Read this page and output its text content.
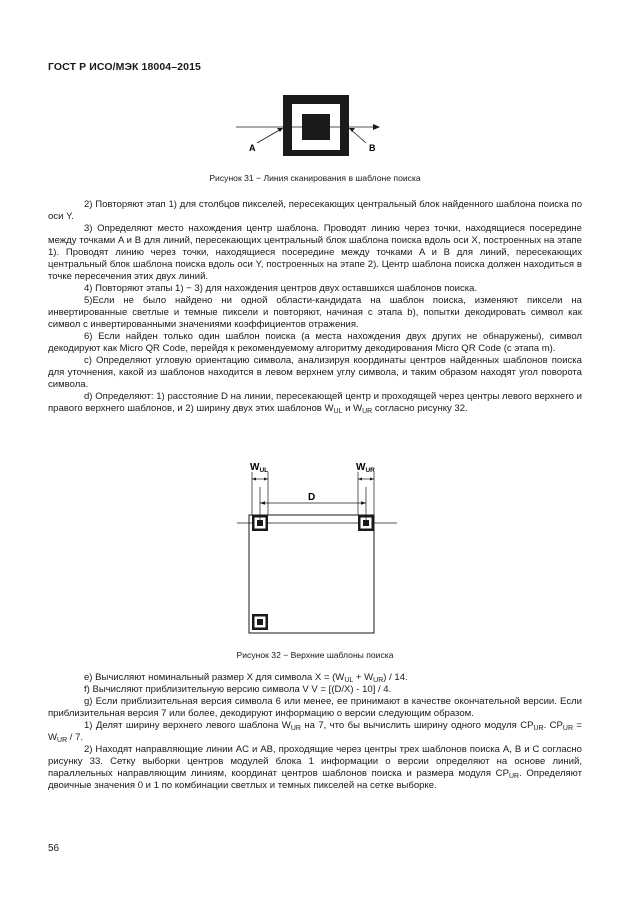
ГОСТ Р ИСО/МЭК 18004–2015
A	B
Рисунок 31 − Линия сканирования в шаблоне поиска

2) Повторяют этап 1) для столбцов пикселей, пересекающих центральный блок найденного шаблона поиска по оси Y.

3) Определяют место нахождения центр шаблона. Проводят линию через точки, находящиеся посередине между точками A и B для линий, пересекающих центральный блок шаблона поиска вдоль оси X, построенных на этапе 1). Проводят линию через точки, находящиеся посередине между точками A и B для линий, пересекающих центральный блок шаблона поиска вдоль оси Y, построенных на этапе 2). Центр шаблона поиска должен находиться в точке пересечения этих двух линий.

4) Повторяют этапы 1) − 3) для нахождения центров двух оставшихся шаблонов поиска.

5)Если не было найдено ни одной области-кандидата на шаблон поиска, изменяют пиксели на инвертированные светлые и темные пиксели и повторяют, начиная с этапа b), попытки декодировать символ как символ с инвертированными значениями коэффициентов отражения.

6) Если найден только один шаблон поиска (а места нахождения двух других не обнаружены), символ декодируют как Micro QR Code, перейдя к рекомендуемому алгоритму декодирования Micro QR Code (с этапа m).

c) Определяют угловую ориентацию символа, анализируя координаты центров найденных шаблонов поиска для уточнения, какой из шаблонов находится в левом верхнем углу символа, и таким образом находят угол поворота символа.

d) Определяют: 1) расстояние D на линии, пересекающей центр и проходящей через центры левого верхнего и правого верхнего шаблонов, и 2) ширину двух этих шаблонов $W_{UL}$ и $W_{UR}$ согласно рисунку 32.

$W_{UL}$	$W_{UR}$
D
Рисунок 32 − Верхние шаблоны поиска

e) Вычисляют номинальный размер X для символа $X = (W_{UL} + W_{UR}) / 14$.

f) Вычисляют приблизительную версию символа V V = [(D/X) - 10] / 4.

g) Если приблизительная версия символа 6 или менее, ее принимают в качестве окончательной версии. Если приблизительная версия 7 или более, декодируют информацию о версии следующим образом.

1) Делят ширину верхнего левого шаблона $W_{UR}$ на 7, что бы вычислить ширину одного модуля $CP_{UR}$. $CP_{UR} = W_{UR} / 7$.

2) Находят направляющие линии AC и AB, проходящие через центры трех шаблонов поиска A, B и C согласно рисунку 33. Сетку выборки центров модулей блока 1 информации о версии определяют на основе линий, параллельных направляющим линиям, координат центров шаблонов поиска и размера модуля $CP_{UR}$. Определяют двоичные значения 0 и 1 по комбинации светлых и темных пикселей на сетке выборке.

56
